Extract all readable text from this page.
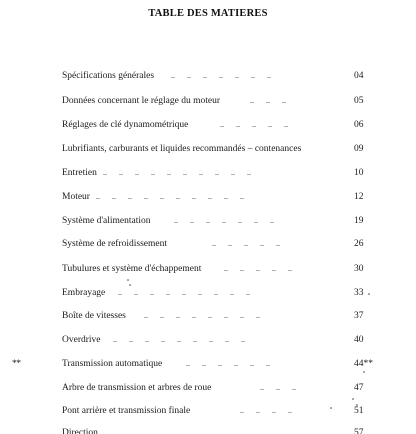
TABLE DES MATIERES
Spécifications générales ..      ..      ..      ..      ..      ..      ..	04
Données concernant le réglage du moteur	..      ..      ..	05
Réglages de clé dynamométrique	..      ..      ..      ..      ..	06
Lubrifiants, carburants et liquides recommandés – contenances	09
Entretien ..      ..      ..      ..      ..      ..      ..      ..      ..      ..	10
Moteur ..      ..      ..      ..      ..      ..      ..      ..      ..      ..	12
Système d'alimentation	..      ..      ..      ..      ..      ..      ..	19
Système de refroidissement	..      ..      ..      ..      ..	26
Tubulures et système d'échappement	..      ..      ..      ..      ..	30
Embrayage ..      ..      ..      ..      ..      ..      ..      ..      ..	33
Boîte de vitesses ..      ..      ..      ..      ..      ..      ..      ..	37
Overdrive ..      ..      ..      ..      ..      ..      ..      ..      ..	40
**	Transmission automatique	..      ..      ..      ..      ..      ..	44**
Arbre de transmission et arbres de roue	..      ..      ..	47
Pont arrière et transmission finale	..      ..      ..      ..	51
Direction	57
